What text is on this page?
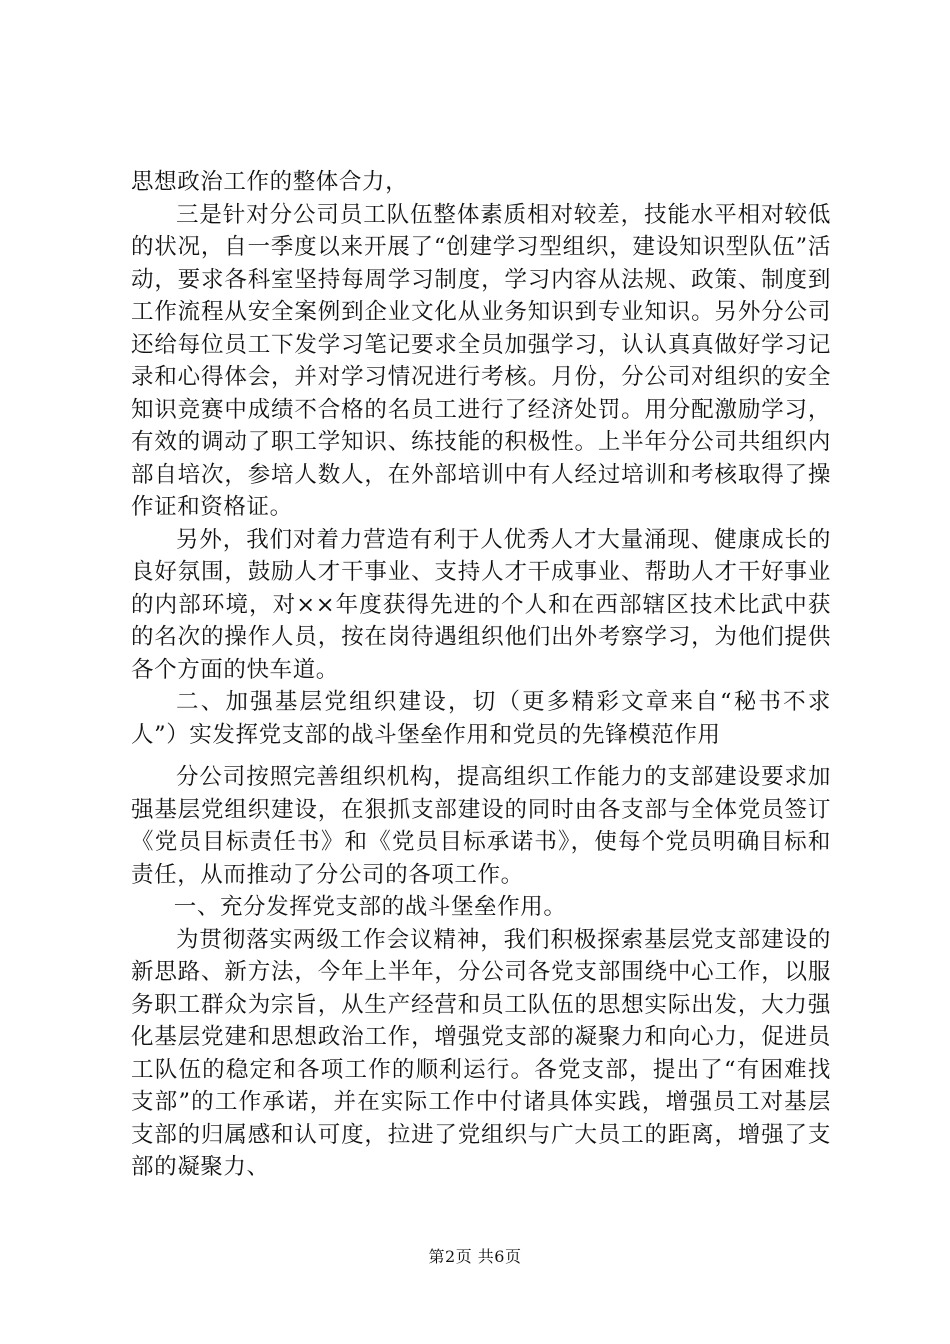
思想政治工作的整体合力，

三是针对分公司员工队伍整体素质相对较差，技能水平相对较低的状况，自一季度以来开展了“创建学习型组织，建设知识型队伍”活动，要求各科室坚持每周学习制度，学习内容从法规、政策、制度到工作流程从安全案例到企业文化从业务知识到专业知识。另外分公司还给每位员工下发学习笔记要求全员加强学习，认认真真做好学习记录和心得体会，并对学习情况进行考核。月份，分公司对组织的安全知识竞赛中成绩不合格的名员工进行了经济处罚。用分配激励学习，有效的调动了职工学知识、练技能的积极性。上半年分公司共组织内部自培次，参培人数人，在外部培训中有人经过培训和考核取得了操作证和资格证。

另外，我们对着力营造有利于人优秀人才大量涌现、健康成长的良好氛围，鼓励人才干事业、支持人才干成事业、帮助人才干好事业的内部环境，对××年度获得先进的个人和在西部辖区技术比武中获的名次的操作人员，按在岗待遇组织他们出外考察学习，为他们提供各个方面的快车道。

二、加强基层党组织建设，切（更多精彩文章来自“秘书不求人”）实发挥党支部的战斗堡垒作用和党员的先锋模范作用

分公司按照完善组织机构，提高组织工作能力的支部建设要求加强基层党组织建设，在狠抓支部建设的同时由各支部与全体党员签订《党员目标责任书》和《党员目标承诺书》，使每个党员明确目标和责任，从而推动了分公司的各项工作。

一、充分发挥党支部的战斗堡垒作用。

为贯彻落实两级工作会议精神，我们积极探索基层党支部建设的新思路、新方法，今年上半年，分公司各党支部围绕中心工作，以服务职工群众为宗旨，从生产经营和员工队伍的思想实际出发，大力强化基层党建和思想政治工作，增强党支部的凝聚力和向心力，促进员工队伍的稳定和各项工作的顺利运行。各党支部，提出了“有困难找支部”的工作承诺，并在实际工作中付诸具体实践，增强员工对基层支部的归属感和认可度，拉进了党组织与广大员工的距离，增强了支部的凝聚力、

第2页 共6页
